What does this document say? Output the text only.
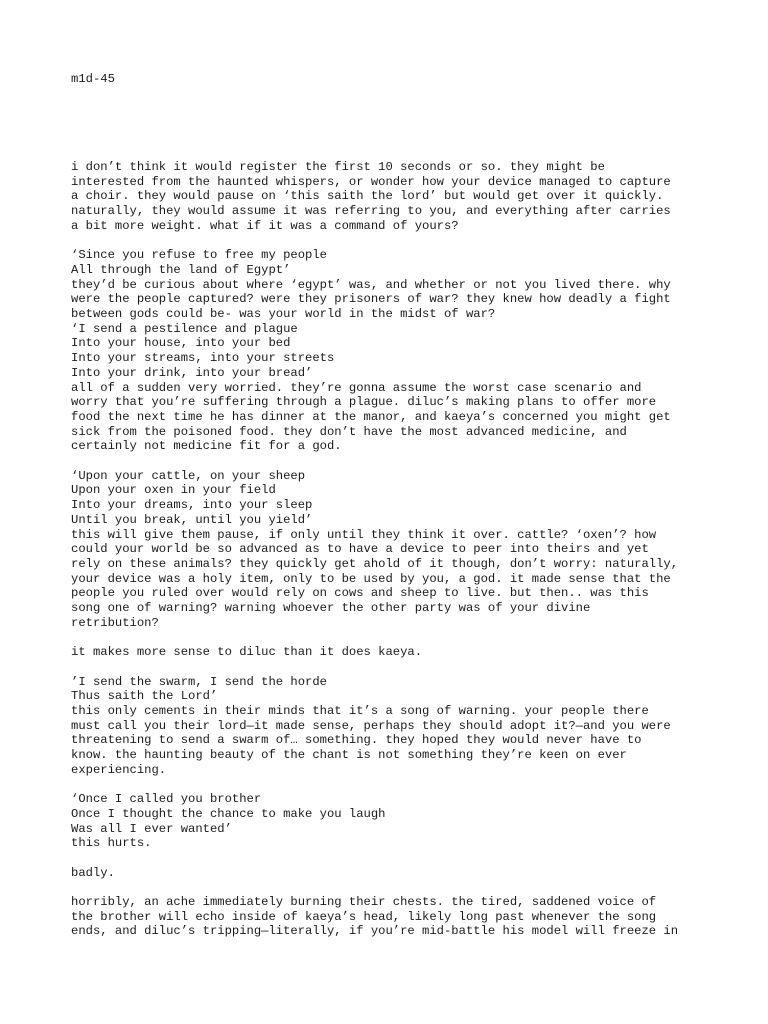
m1d-45

i don’t think it would register the first 10 seconds or so. they might be
interested from the haunted whispers, or wonder how your device managed to capture
a choir. they would pause on ‘this saith the lord’ but would get over it quickly.
naturally, they would assume it was referring to you, and everything after carries
a bit more weight. what if it was a command of yours?

‘Since you refuse to free my people
All through the land of Egypt’
they’d be curious about where ‘egypt’ was, and whether or not you lived there. why
were the people captured? were they prisoners of war? they knew how deadly a fight
between gods could be- was your world in the midst of war?
‘I send a pestilence and plague
Into your house, into your bed
Into your streams, into your streets
Into your drink, into your bread’
all of a sudden very worried. they’re gonna assume the worst case scenario and
worry that you’re suffering through a plague. diluc’s making plans to offer more
food the next time he has dinner at the manor, and kaeya’s concerned you might get
sick from the poisoned food. they don’t have the most advanced medicine, and
certainly not medicine fit for a god.

‘Upon your cattle, on your sheep
Upon your oxen in your field
Into your dreams, into your sleep
Until you break, until you yield’
this will give them pause, if only until they think it over. cattle? ‘oxen’? how
could your world be so advanced as to have a device to peer into theirs and yet
rely on these animals? they quickly get ahold of it though, don’t worry: naturally,
your device was a holy item, only to be used by you, a god. it made sense that the
people you ruled over would rely on cows and sheep to live. but then.. was this
song one of warning? warning whoever the other party was of your divine
retribution?

it makes more sense to diluc than it does kaeya.

’I send the swarm, I send the horde
Thus saith the Lord’
this only cements in their minds that it’s a song of warning. your people there
must call you their lord—it made sense, perhaps they should adopt it?—and you were
threatening to send a swarm of… something. they hoped they would never have to
know. the haunting beauty of the chant is not something they’re keen on ever
experiencing.

‘Once I called you brother
Once I thought the chance to make you laugh
Was all I ever wanted’
this hurts.

badly.

horribly, an ache immediately burning their chests. the tired, saddened voice of
the brother will echo inside of kaeya’s head, likely long past whenever the song
ends, and diluc’s tripping—literally, if you’re mid-battle his model will freeze in
